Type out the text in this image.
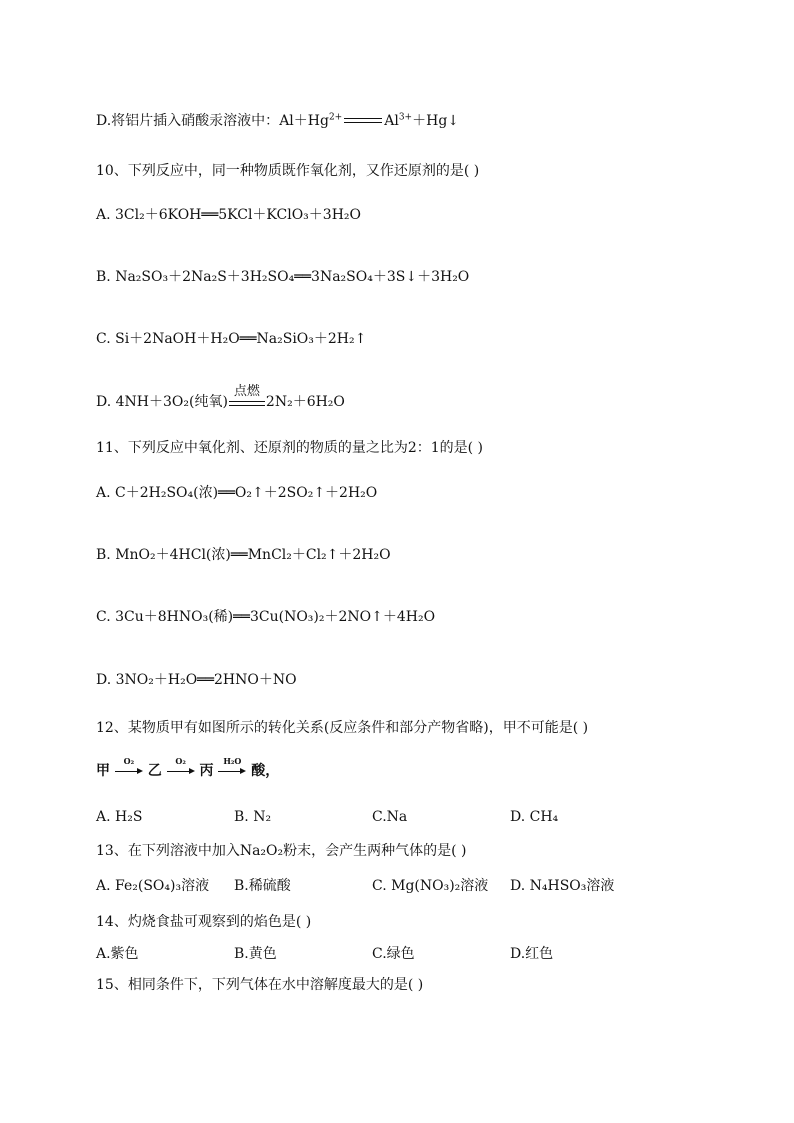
D.将铝片插入硝酸汞溶液中：$Al+Hg^{2+}$	$Al^{3+}+Hg↓$
10、下列反应中，同一种物质既作氧化剂，又作还原剂的是( )
A. 3Cl₂＋6KOH══5KCl＋KClO₃＋3H₂O
B. Na₂SO₃＋2Na₂S＋3H₂SO₄══3Na₂SO₄＋3S↓＋3H₂O
C. Si＋2NaOH＋H₂O══Na₂SiO₃＋2H₂↑
D. 4NH＋3O₂(纯氧)
点燃
2N₂＋6H₂O
11、下列反应中氧化剂、还原剂的物质的量之比为2：1的是( )
A. C＋2H₂SO₄(浓)══O₂↑＋2SO₂↑＋2H₂O
B. MnO₂＋4HCl(浓)══MnCl₂＋Cl₂↑＋2H₂O
C. 3Cu＋8HNO₃(稀)══3Cu(NO₃)₂＋2NO↑＋4H₂O
D. 3NO₂＋H₂O══2HNO＋NO
12、某物质甲有如图所示的转化关系(反应条件和部分产物省略)，甲不可能是( )
甲
O₂
乙
O₂
丙
H₂O
酸，
A. H₂S	B. N₂	C.Na	D. CH₄
13、在下列溶液中加入Na₂O₂粉末，会产生两种气体的是( )
A. Fe₂(SO₄)₃溶液 B.稀硫酸	C. Mg(NO₃)₂溶液 D. N₄HSO₃溶液
14、灼烧食盐可观察到的焰色是( )
A.紫色	B.黄色	C.绿色	D.红色
15、相同条件下，下列气体在水中溶解度最大的是( )
